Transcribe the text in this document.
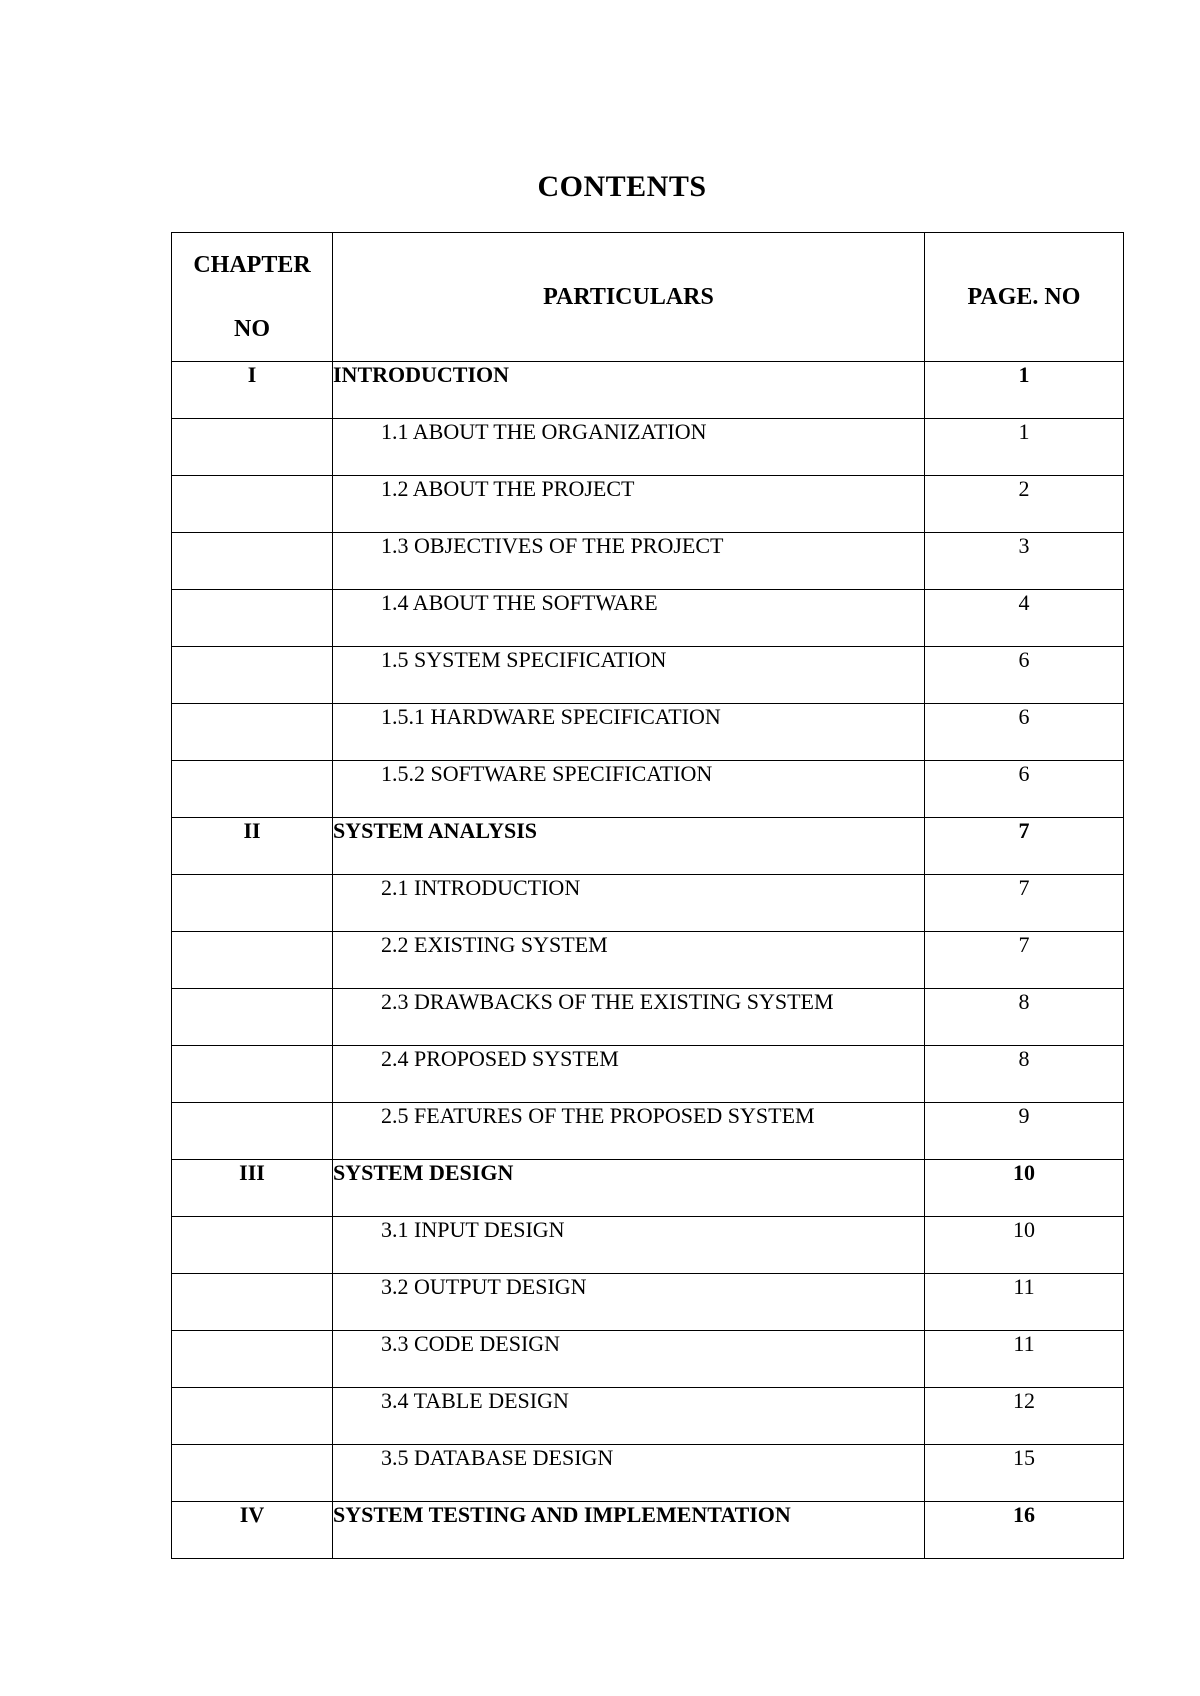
CONTENTS
CHAPTER
NO	PARTICULARS	PAGE. NO
I	INTRODUCTION	1
	1.1 ABOUT THE ORGANIZATION	1
	1.2 ABOUT THE PROJECT	2
	1.3 OBJECTIVES OF THE PROJECT	3
	1.4 ABOUT THE SOFTWARE	4
	1.5 SYSTEM SPECIFICATION	6
	1.5.1 HARDWARE SPECIFICATION	6
	1.5.2 SOFTWARE SPECIFICATION	6
II	SYSTEM ANALYSIS	7
	2.1 INTRODUCTION	7
	2.2 EXISTING SYSTEM	7
	2.3 DRAWBACKS OF THE EXISTING SYSTEM	8
	2.4 PROPOSED SYSTEM	8
	2.5 FEATURES OF THE PROPOSED SYSTEM	9
III	SYSTEM DESIGN	10
	3.1 INPUT DESIGN	10
	3.2 OUTPUT DESIGN	11
	3.3 CODE DESIGN	11
	3.4 TABLE DESIGN	12
	3.5 DATABASE DESIGN	15
IV	SYSTEM TESTING AND IMPLEMENTATION	16
